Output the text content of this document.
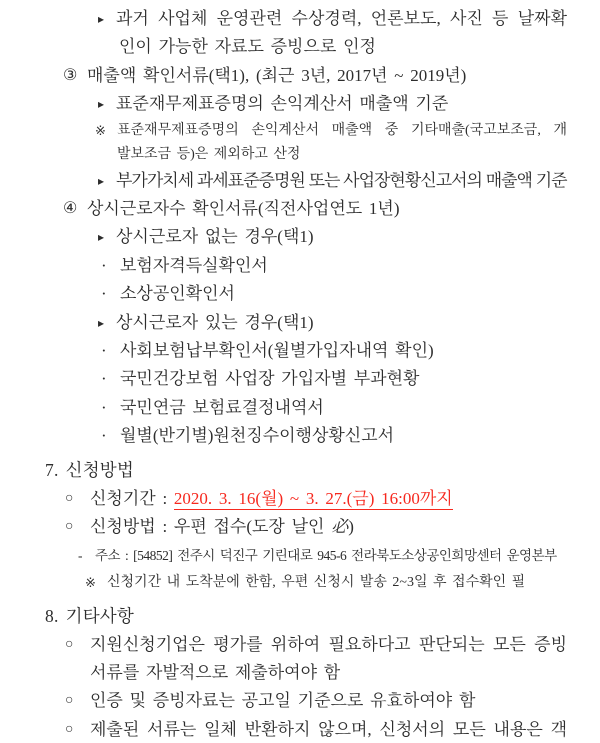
▸ 과거 사업체 운영관련 수상경력, 언론보도, 사진 등 날짜확
인이 가능한 자료도 증빙으로 인정
③ 매출액 확인서류(택1), (최근 3년, 2017년 ~ 2019년)
▸ 표준재무제표증명의 손익계산서 매출액 기준
※ 표준재무제표증명의 손익계산서 매출액 중 기타매출(국고보조금, 개
발보조금 등)은 제외하고 산정
▸ 부가가치세 과세표준증명원 또는 사업장현황신고서의 매출액 기준
④ 상시근로자수 확인서류(직전사업연도 1년)
▸ 상시근로자 없는 경우(택1)
· 보험자격득실확인서
· 소상공인확인서
▸ 상시근로자 있는 경우(택1)
· 사회보험납부확인서(월별가입자내역 확인)
· 국민건강보험 사업장 가입자별 부과현황
· 국민연금 보험료결정내역서
· 월별(반기별)원천징수이행상황신고서
7. 신청방법
○ 신청기간 : 2020. 3. 16(월) ~ 3. 27.(금) 16:00까지
○ 신청방법 : 우편 접수(도장 날인 必)
- 주소 : [54852] 전주시 덕진구 기린대로 945-6 전라북도소상공인희망센터 운영본부
※ 신청기간 내 도착분에 한함, 우편 신청시 발송 2~3일 후 접수확인 필
8. 기타사항
○ 지원신청기업은 평가를 위하여 필요하다고 판단되는 모든 증빙
서류를 자발적으로 제출하여야 함
○ 인증 및 증빙자료는 공고일 기준으로 유효하여야 함
○ 제출된 서류는 일체 반환하지 않으며, 신청서의 모든 내용은 객
